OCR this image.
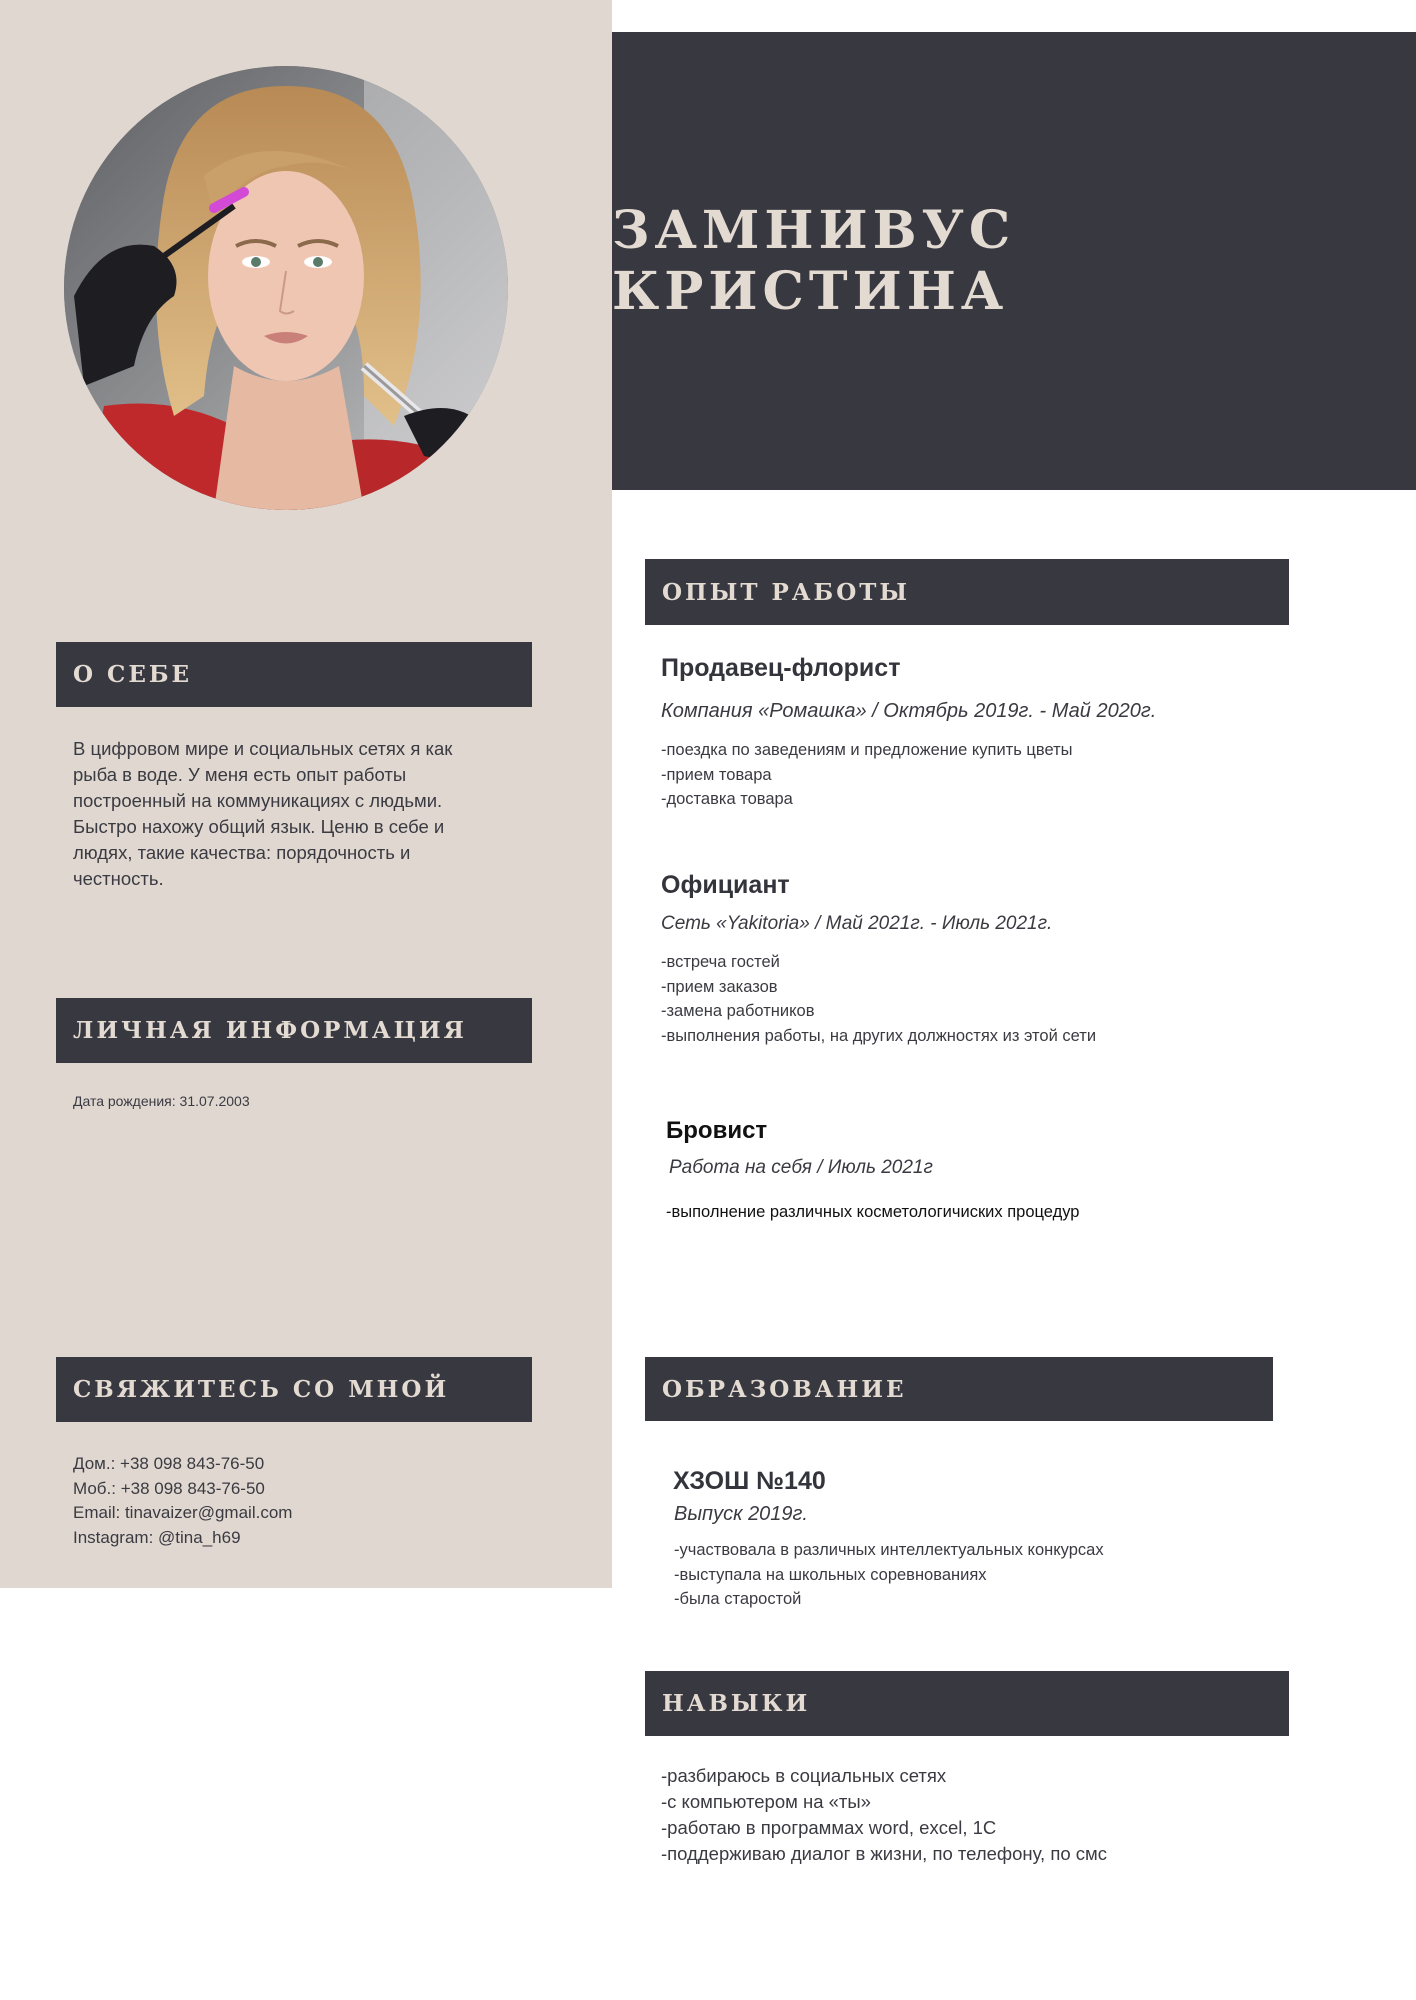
ЗАМНИВУС КРИСТИНА
О СЕБЕ
В цифровом мире и социальных сетях я как
рыба в воде. У меня есть опыт работы
построенный на коммуникациях с людьми.
Быстро нахожу общий язык. Ценю в себе и
людях, такие качества: порядочность и
честность.
ЛИЧНАЯ ИНФОРМАЦИЯ
Дата рождения: 31.07.2003
СВЯЖИТЕСЬ СО МНОЙ
Дом.: +38 098 843-76-50
Моб.: +38 098 843-76-50
Email: tinavaizer@gmail.com
Instagram: @tina_h69
ОПЫТ РАБОТЫ
Продавец-флорист
Компания «Ромашка» / Октябрь 2019г. - Май 2020г.
-поездка по заведениям и предложение купить цветы
-прием товара
-доставка товара
Официант
Сеть «Yakitoria» / Май 2021г. - Июль 2021г.
-встреча гостей
-прием заказов
-замена работников
-выполнения работы, на других должностях из этой сети
Бровист
Работа на себя / Июль 2021г
-выполнение различных косметологичиских процедур
ОБРАЗОВАНИЕ
ХЗОШ №140
Выпуск 2019г.
-участвовала в различных интеллектуальных конкурсах
-выступала на школьных соревнованиях
-была старостой
НАВЫКИ
-разбираюсь в социальных сетях
-с компьютером на «ты»
-работаю в программах word, excel, 1С
-поддерживаю диалог в жизни, по телефону, по смс
